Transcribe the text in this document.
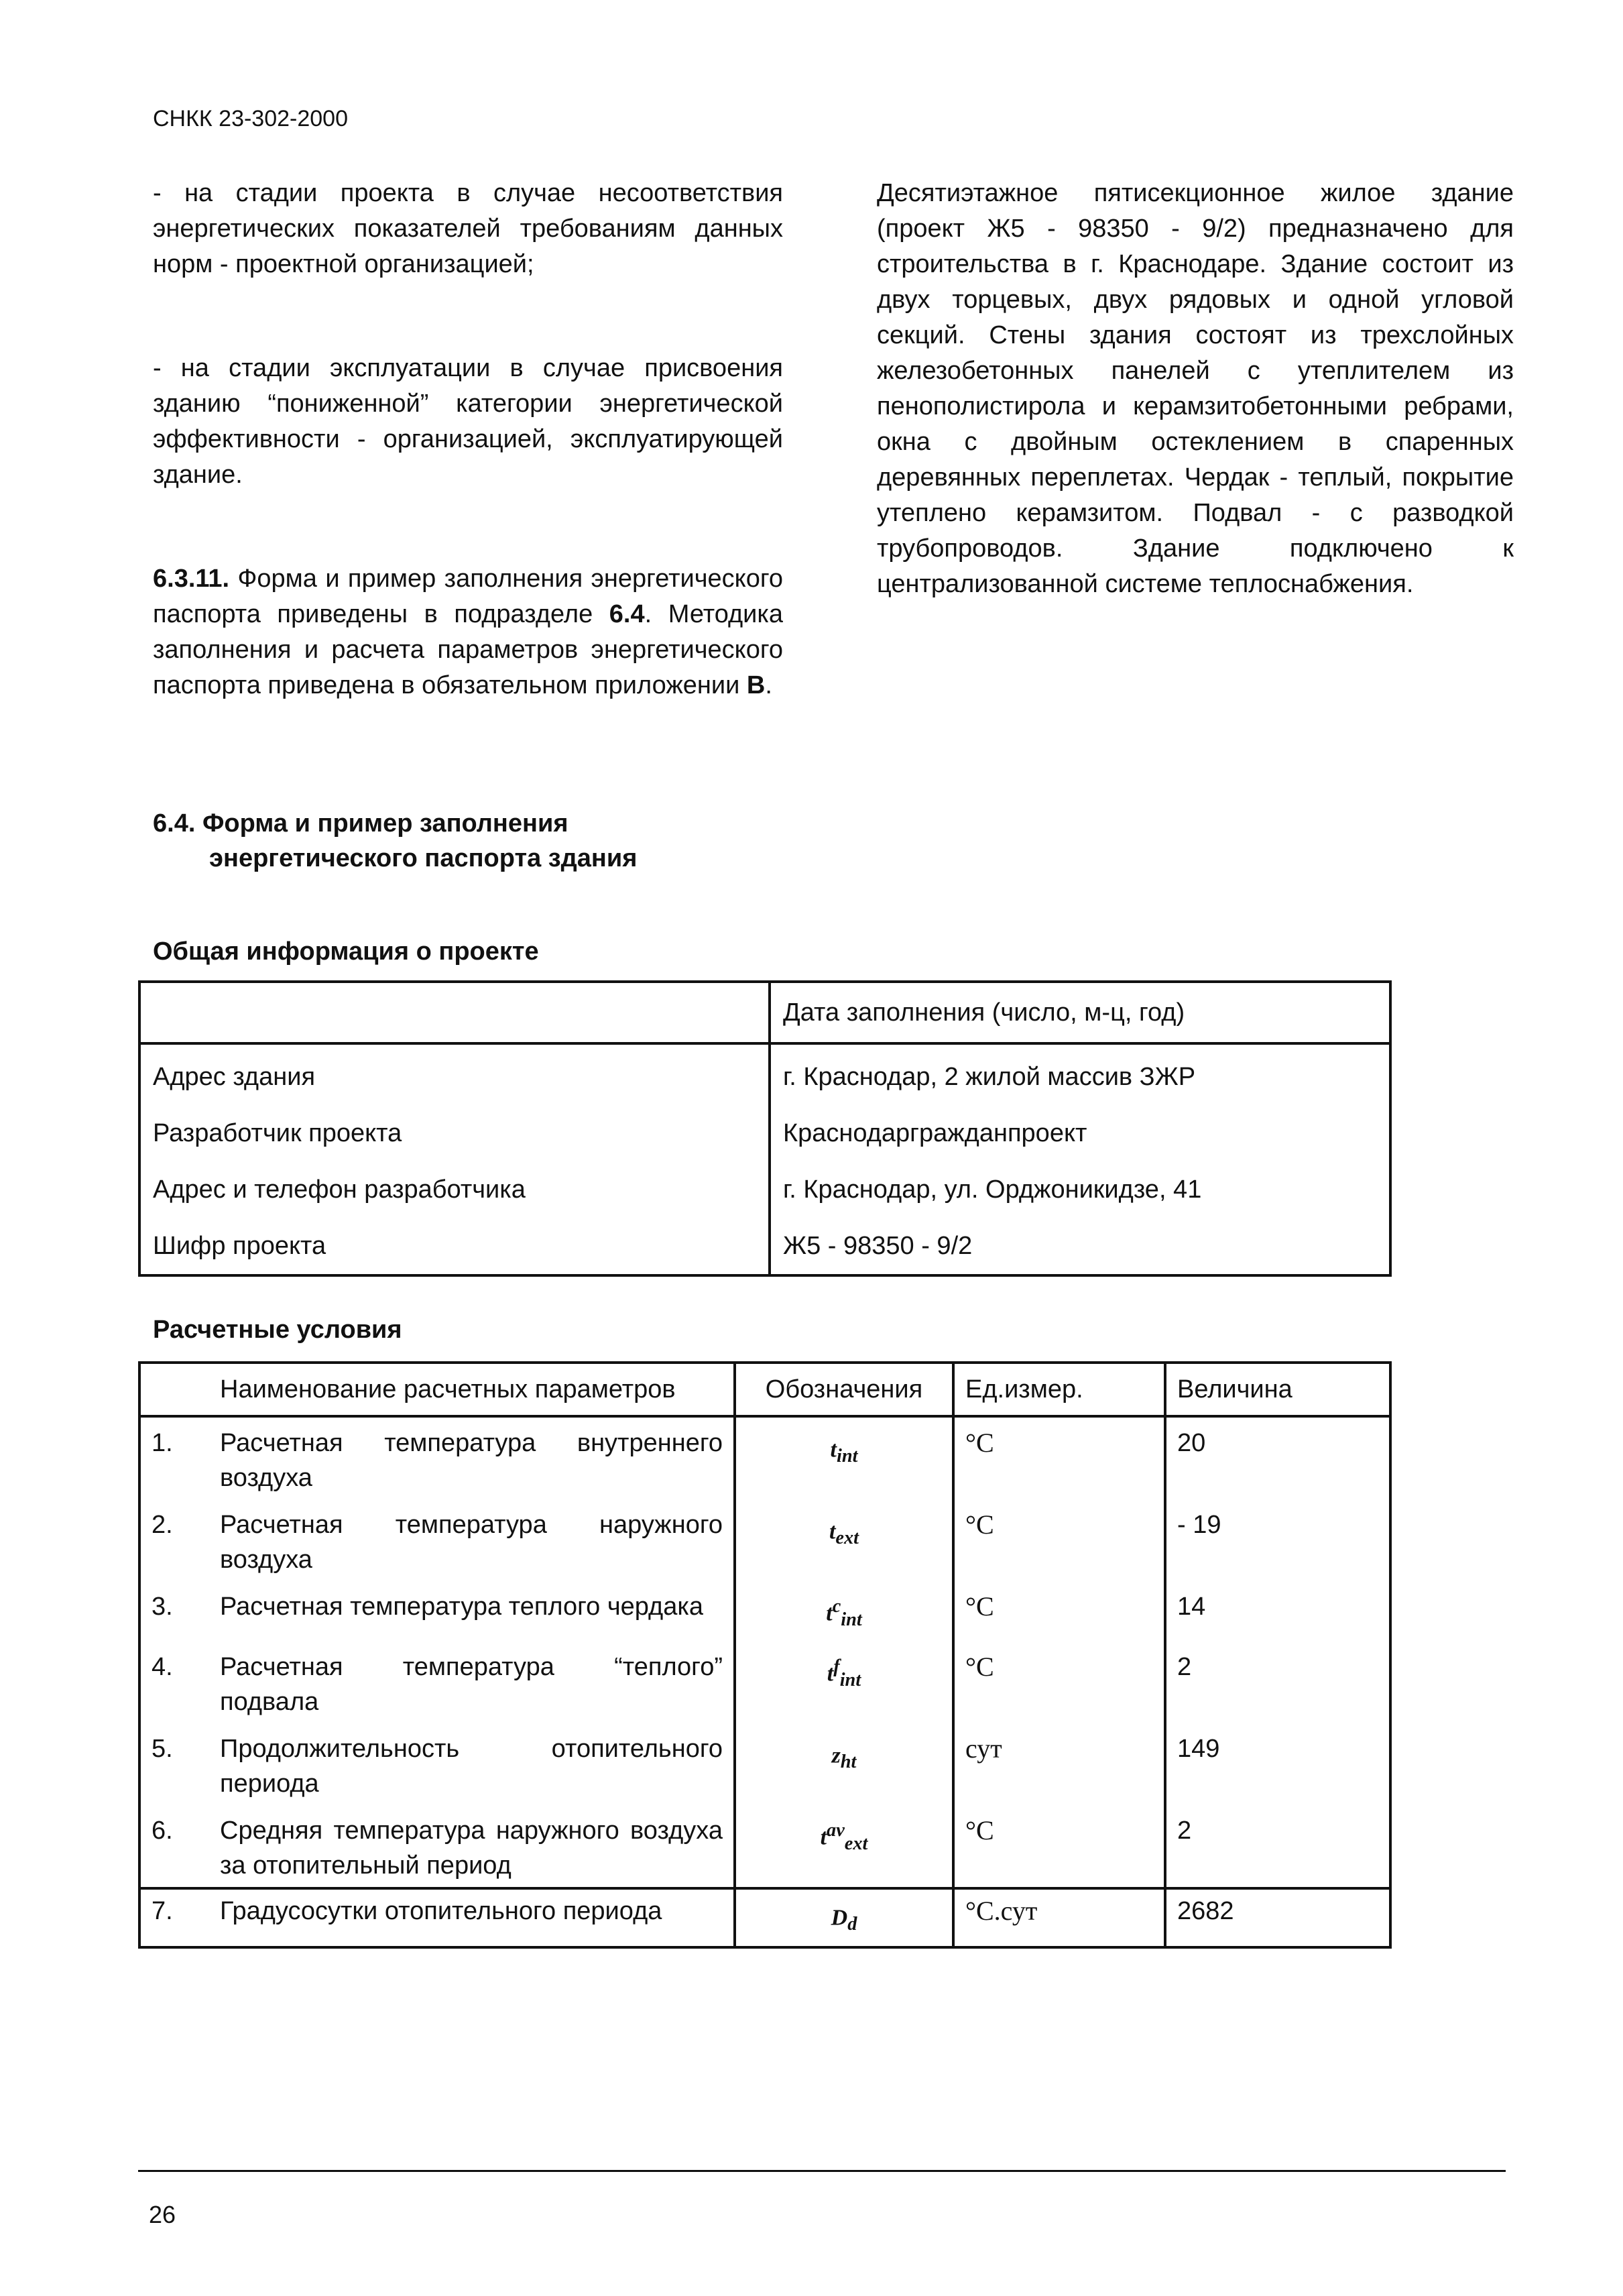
СНКК 23-302-2000

- на стадии проекта в случае несоответствия энергетических показателей требованиям данных норм - проектной организацией;

- на стадии эксплуатации в случае присвоения зданию “пониженной” категории энергетической эффективности - организацией, эксплуатирующей здание.

6.3.11. Форма и пример заполнения энергетического паспорта приведены в подразделе 6.4. Методика заполнения и расчета параметров энергетического паспорта приведена в обязательном приложении В.

Десятиэтажное пятисекционное жилое здание (проект Ж5 - 98350 - 9/2) предназначено для строительства в г. Краснодаре. Здание состоит из двух торцевых, двух рядовых и одной угловой секций. Стены здания состоят из трехслойных железобетонных панелей с утеплителем из пенополистирола и керамзитобетонными ребрами, окна с двойным остеклением в спаренных деревянных переплетах. Чердак - теплый, покрытие утеплено керамзитом. Подвал - с разводкой трубопроводов. Здание подключено к централизованной системе теплоснабжения.

6.4. Форма и пример заполнения
энергетического паспорта здания
Общая информация о проекте
	Дата заполнения (число, м-ц, год)
Адрес здания	г. Краснодар, 2 жилой массив ЗЖР
Разработчик проекта	Краснодаргражданпроект
Адрес и телефон разработчика	г. Краснодар, ул. Орджоникидзе, 41
Шифр проекта	Ж5 - 98350 - 9/2
Расчетные условия
	Наименование расчетных параметров	Обозначения	Ед.измер.	Величина
1.	Расчетная температура внутреннего воздуха	$t_{int}$	°C	20
2.	Расчетная температура наружного воздуха	$t_{ext}$	°C	- 19
3.	Расчетная температура теплого чердака	$t^c_{int}$	°C	14
4.	Расчетная температура “теплого” подвала	$t^f_{int}$	°C	2
5.	Продолжительность отопительного периода	$z_{ht}$	сут	149
6.	Средняя температура наружного воздуха за отопительный период	$t^{av}_{ext}$	°C	2
7.	Градусосутки отопительного периода	$D_d$	°C.сут	2682
26
